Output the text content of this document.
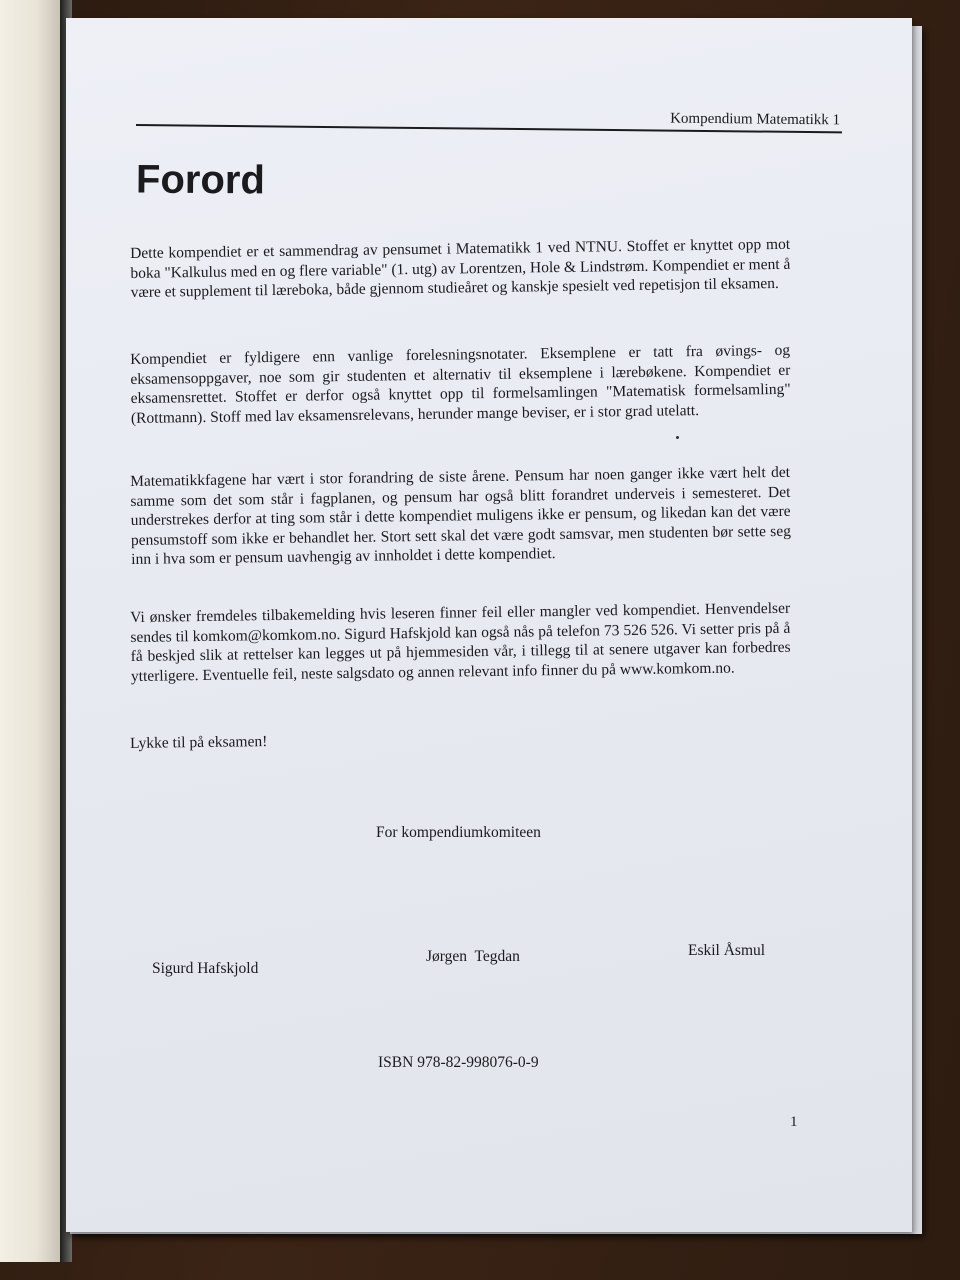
Kompendium Matematikk 1
Forord

Dette kompendiet er et sammendrag av pensumet i Matematikk 1 ved NTNU. Stoffet er knyttet opp mot boka "Kalkulus med en og flere variable" (1. utg) av Lorentzen, Hole & Lindstrøm. Kompendiet er ment å være et supplement til læreboka, både gjennom studieåret og kanskje spesielt ved repetisjon til eksamen.

Kompendiet er fyldigere enn vanlige forelesningsnotater. Eksemplene er tatt fra øvings- og eksamensoppgaver, noe som gir studenten et alternativ til eksemplene i lærebøkene. Kompendiet er eksamensrettet. Stoffet er derfor også knyttet opp til formelsamlingen "Matematisk formelsamling" (Rottmann). Stoff med lav eksamensrelevans, herunder mange beviser, er i stor grad utelatt.

Matematikkfagene har vært i stor forandring de siste årene. Pensum har noen ganger ikke vært helt det samme som det som står i fagplanen, og pensum har også blitt forandret underveis i semesteret. Det understrekes derfor at ting som står i dette kompendiet muligens ikke er pensum, og likedan kan det være pensumstoff som ikke er behandlet her. Stort sett skal det være godt samsvar, men studenten bør sette seg inn i hva som er pensum uavhengig av innholdet i dette kompendiet.

Vi ønsker fremdeles tilbakemelding hvis leseren finner feil eller mangler ved kompendiet. Henvendelser sendes til komkom@komkom.no. Sigurd Hafskjold kan også nås på telefon 73 526 526. Vi setter pris på å få beskjed slik at rettelser kan legges ut på hjemmesiden vår, i tillegg til at senere utgaver kan forbedres ytterligere. Eventuelle feil, neste salgsdato og annen relevant info finner du på www.komkom.no.

Lykke til på eksamen!
For kompendiumkomiteen
Sigurd Hafskjold
Jørgen  Tegdan	Eskil Åsmul
ISBN 978-82-998076-0-9
1
